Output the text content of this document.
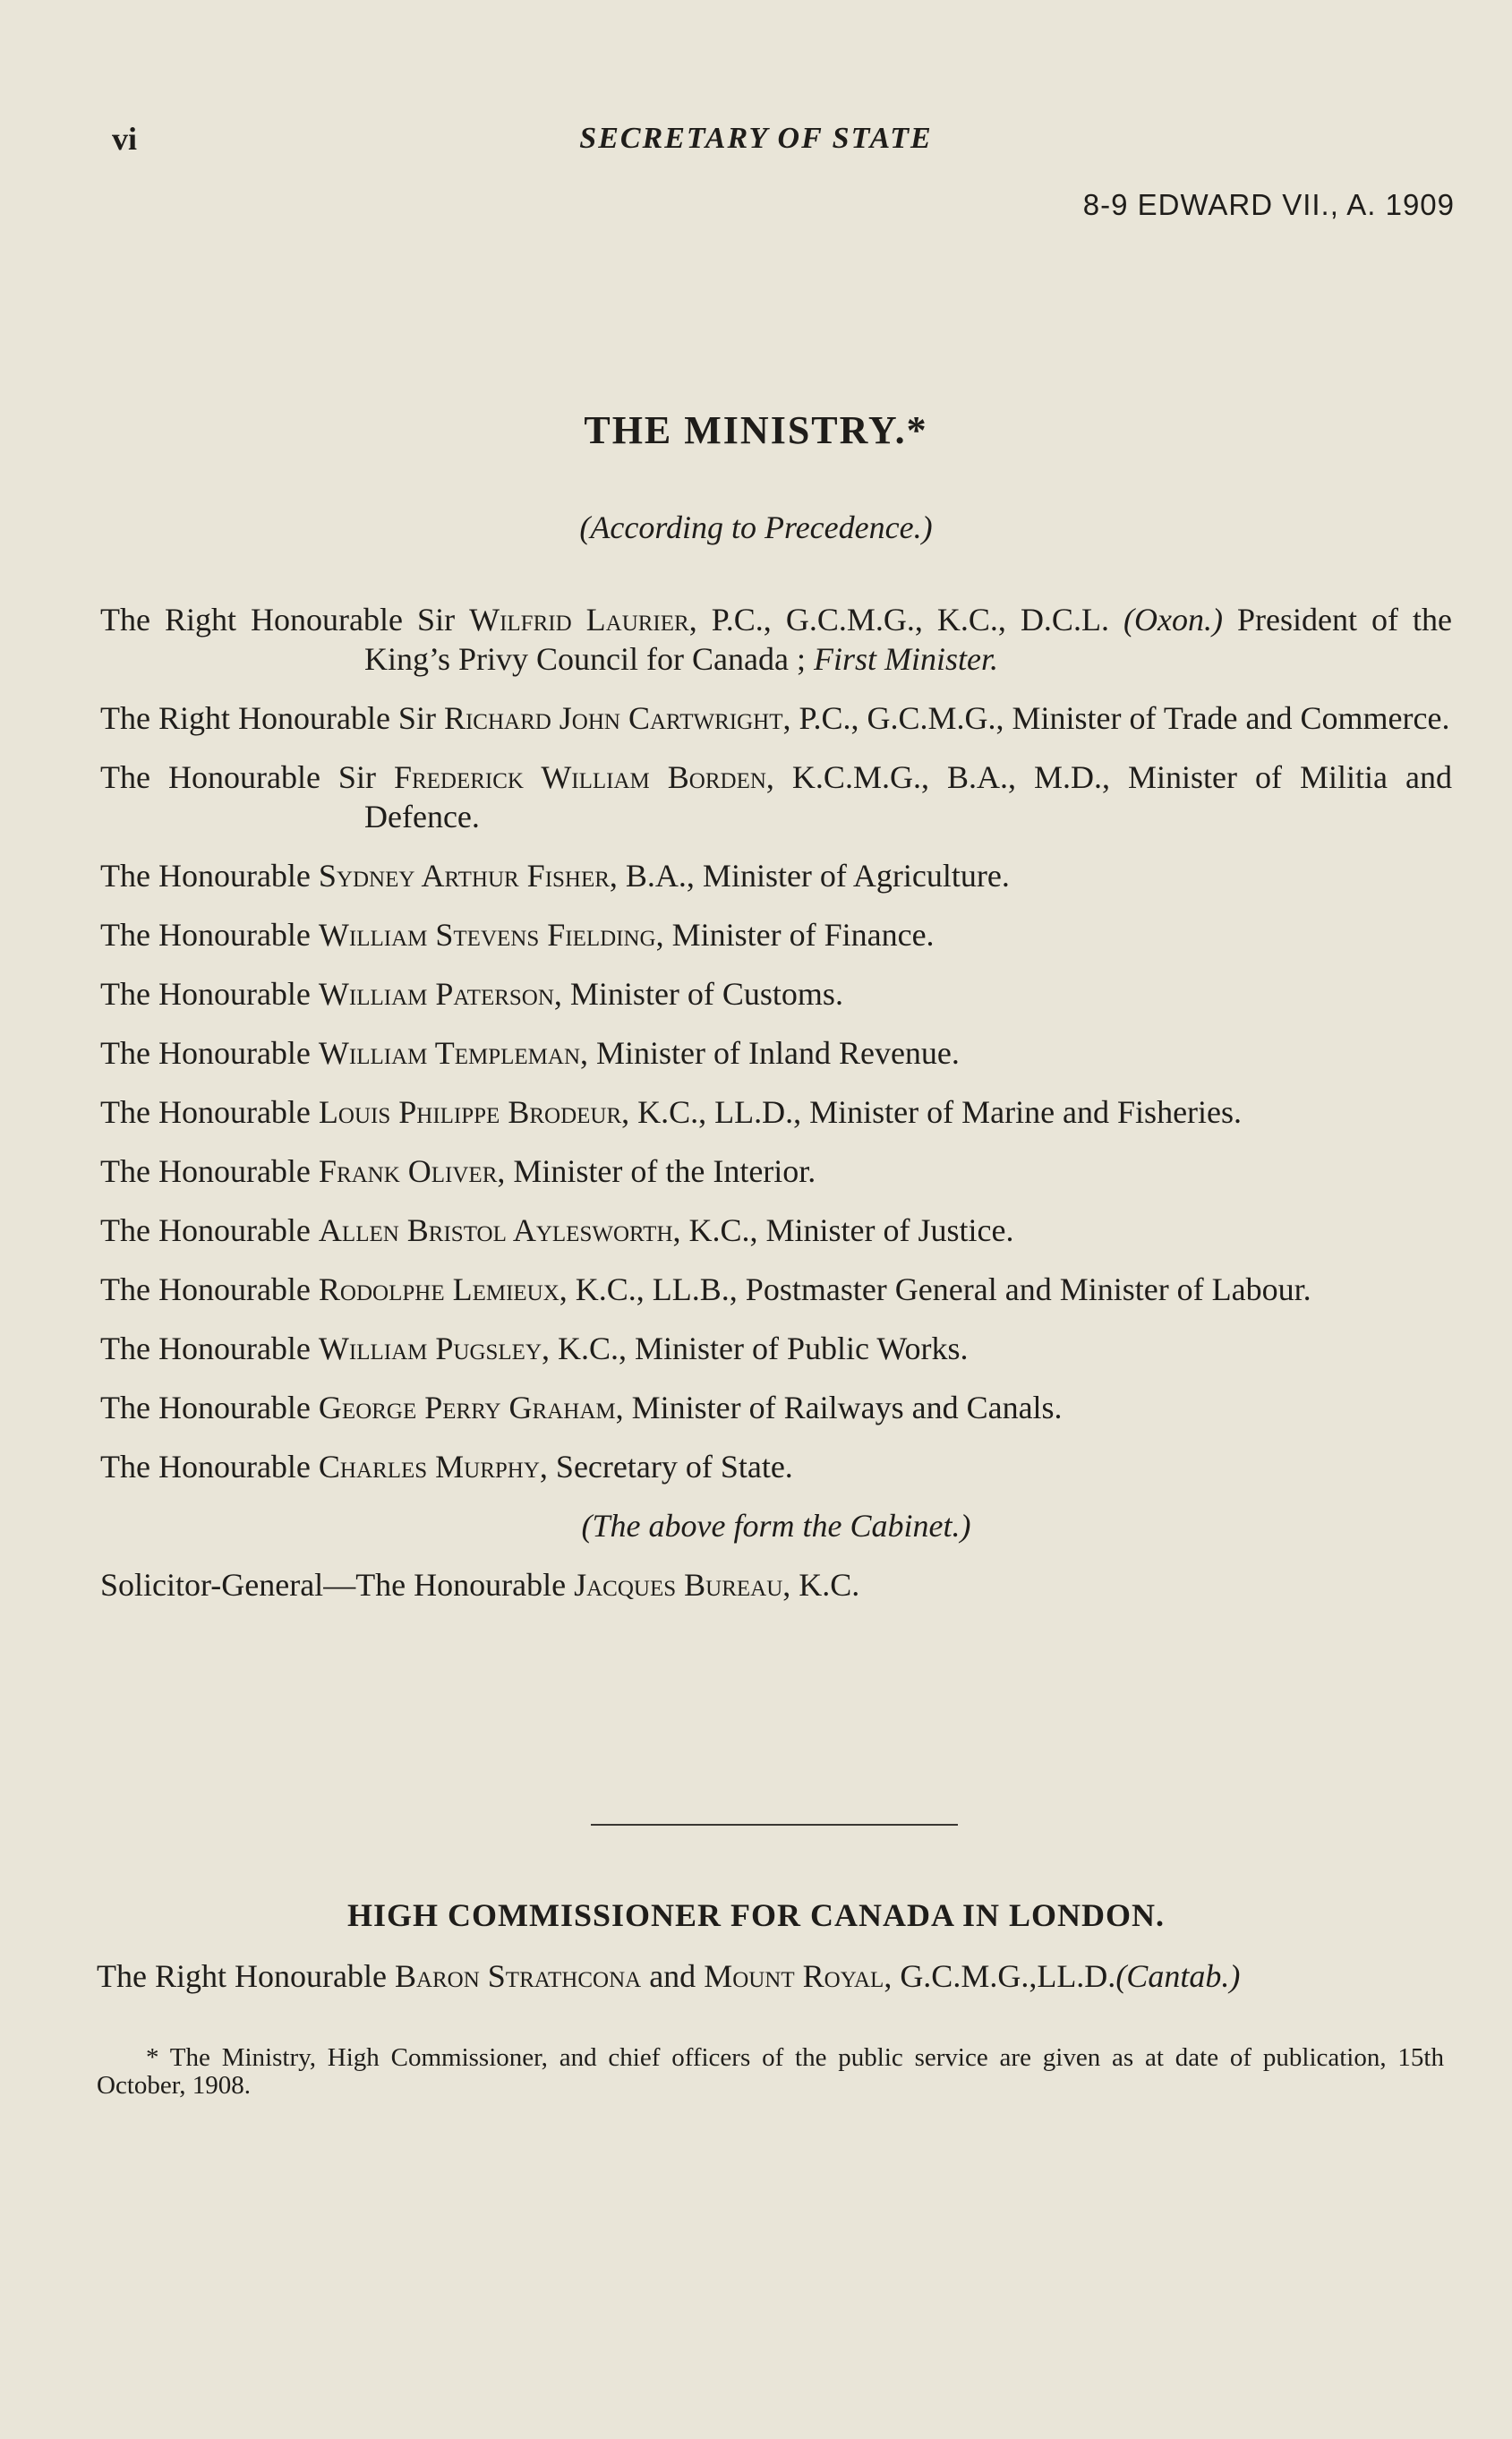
vi	SECRETARY OF STATE
8-9 EDWARD VII., A. 1909
THE MINISTRY.*
(According to Precedence.)
The Right Honourable Sir Wilfrid Laurier, P.C., G.C.M.G., K.C., D.C.L. (Oxon.) President of the King’s Privy Council for Canada ; First Minister.
The Right Honourable Sir Richard John Cartwright, P.C., G.C.M.G., Minister of Trade and Commerce.
The Honourable Sir Frederick William Borden, K.C.M.G., B.A., M.D., Minister of Militia and Defence.
The Honourable Sydney Arthur Fisher, B.A., Minister of Agriculture.
The Honourable William Stevens Fielding, Minister of Finance.
The Honourable William Paterson, Minister of Customs.
The Honourable William Templeman, Minister of Inland Revenue.
The Honourable Louis Philippe Brodeur, K.C., LL.D., Minister of Marine and Fisheries.
The Honourable Frank Oliver, Minister of the Interior.
The Honourable Allen Bristol Aylesworth, K.C., Minister of Justice.
The Honourable Rodolphe Lemieux, K.C., LL.B., Postmaster General and Minister of Labour.
The Honourable William Pugsley, K.C., Minister of Public Works.
The Honourable George Perry Graham, Minister of Railways and Canals.
The Honourable Charles Murphy, Secretary of State.
(The above form the Cabinet.)
Solicitor-General—The Honourable Jacques Bureau, K.C.
HIGH COMMISSIONER FOR CANADA IN LONDON.
The Right Honourable Baron Strathcona and Mount Royal, G.C.M.G.,LL.D.(Cantab.)
* The Ministry, High Commissioner, and chief officers of the public service are given as at date of publication, 15th October, 1908.
